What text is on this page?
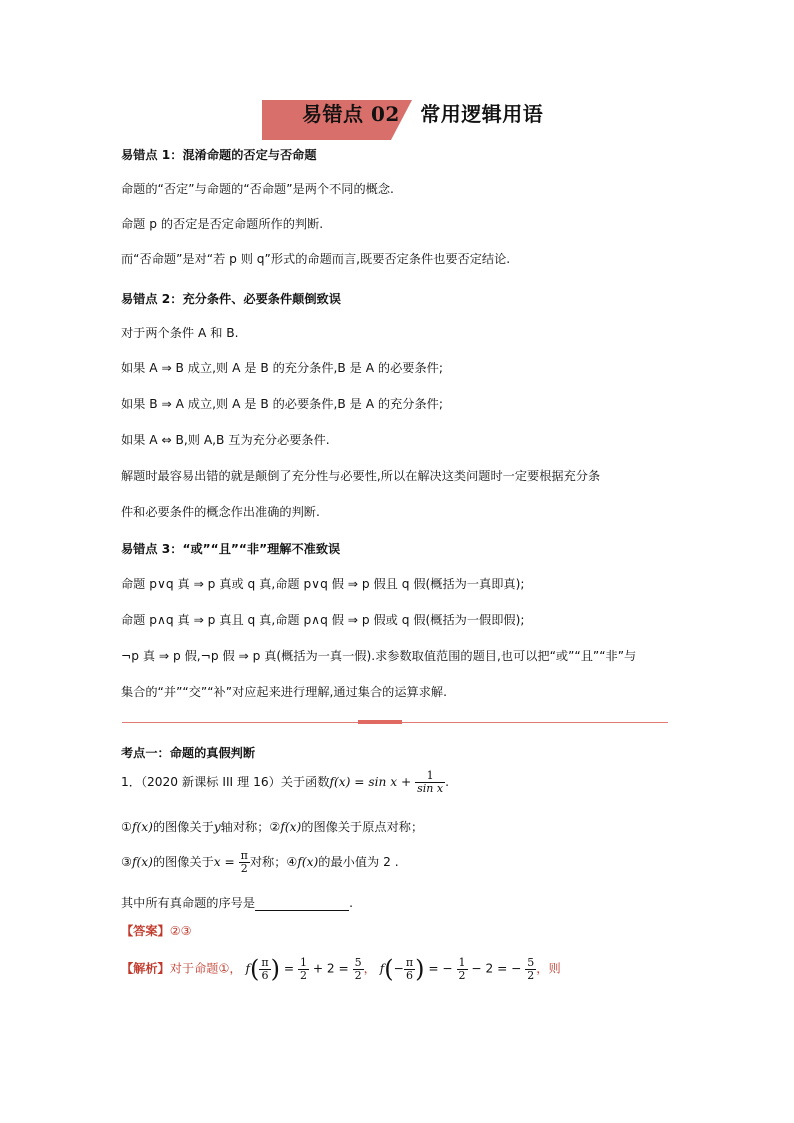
易错点 02　常用逻辑用语
易错点 1：混淆命题的否定与否命题
命题的“否定”与命题的“否命题”是两个不同的概念.
命题 p 的否定是否定命题所作的判断.
而“否命题”是对“若 p 则 q”形式的命题而言,既要否定条件也要否定结论.
易错点 2：充分条件、必要条件颠倒致误
对于两个条件 A 和 B.
如果 A ⇒ B 成立,则 A 是 B 的充分条件,B 是 A 的必要条件;
如果 B ⇒ A 成立,则 A 是 B 的必要条件,B 是 A 的充分条件;
如果 A ⇔ B,则 A,B 互为充分必要条件.
解题时最容易出错的就是颠倒了充分性与必要性,所以在解决这类问题时一定要根据充分条
件和必要条件的概念作出准确的判断.
易错点 3：“或”“且”“非”理解不准致误
命题 p∨q 真 ⇒ p 真或 q 真,命题 p∨q 假 ⇒ p 假且 q 假(概括为一真即真);
命题 p∧q 真 ⇒ p 真且 q 真,命题 p∧q 假 ⇒ p 假或 q 假(概括为一假即假);
¬p 真 ⇒ p 假,¬p 假 ⇒ p 真(概括为一真一假).求参数取值范围的题目,也可以把“或”“且”“非”与
集合的“并”“交”“补”对应起来进行理解,通过集合的运算求解.
考点一：命题的真假判断
1．（2020 新课标 III 理 16）关于函数$f(x) = \sin x + \frac{1}{\text{sin x}}$ .
①f(x)的图像关于y轴对称；②f(x)的图像关于原点对称；
③f(x)的图像关于$x = \frac{\pi}{2}$ 对称；④f(x)的最小值为 2 .
其中所有真命题的序号是	.
【答案】②③
【解析】对于命题①， $f( \frac{\pi}{6}$ ) = $\frac{1}{2} + 2 = \frac{5}{2}$ ， $f(- \frac{\pi}{6}$ ) = − $\frac{1}{2} - 2$ = − $\frac{5}{2}$ ，则
